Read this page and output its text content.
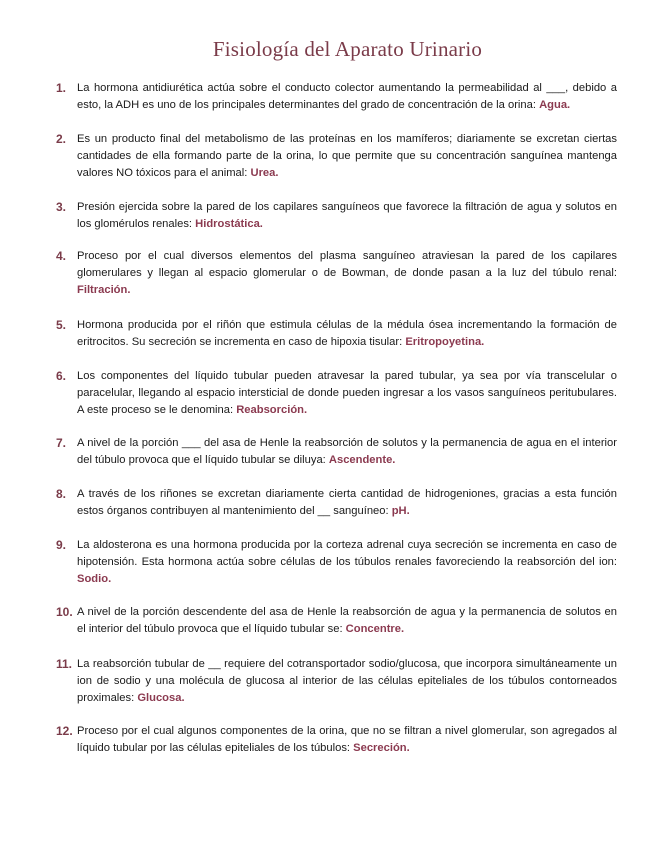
Fisiología del Aparato Urinario
1. La hormona antidiurética actúa sobre el conducto colector aumentando la permeabilidad al ___, debido a esto, la ADH es uno de los principales determinantes del grado de concentración de la orina: Agua.
2. Es un producto final del metabolismo de las proteínas en los mamíferos; diariamente se excretan ciertas cantidades de ella formando parte de la orina, lo que permite que su concentración sanguínea mantenga valores NO tóxicos para el animal: Urea.
3. Presión ejercida sobre la pared de los capilares sanguíneos que favorece la filtración de agua y solutos en los glomérulos renales: Hidrostática.
4. Proceso por el cual diversos elementos del plasma sanguíneo atraviesan la pared de los capilares glomerulares y llegan al espacio glomerular o de Bowman, de donde pasan a la luz del túbulo renal: Filtración.
5. Hormona producida por el riñón que estimula células de la médula ósea incrementando la formación de eritrocitos. Su secreción se incrementa en caso de hipoxia tisular: Eritropoyetina.
6. Los componentes del líquido tubular pueden atravesar la pared tubular, ya sea por vía transcelular o paracelular, llegando al espacio intersticial de donde pueden ingresar a los vasos sanguíneos peritubulares. A este proceso se le denomina: Reabsorción.
7. A nivel de la porción ___ del asa de Henle la reabsorción de solutos y la permanencia de agua en el interior del túbulo provoca que el líquido tubular se diluya: Ascendente.
8. A través de los riñones se excretan diariamente cierta cantidad de hidrogeniones, gracias a esta función estos órganos contribuyen al mantenimiento del __ sanguíneo: pH.
9. La aldosterona es una hormona producida por la corteza adrenal cuya secreción se incrementa en caso de hipotensión. Esta hormona actúa sobre células de los túbulos renales favoreciendo la reabsorción del ion: Sodio.
10. A nivel de la porción descendente del asa de Henle la reabsorción de agua y la permanencia de solutos en el interior del túbulo provoca que el líquido tubular se: Concentre.
11. La reabsorción tubular de __ requiere del cotransportador sodio/glucosa, que incorpora simultáneamente un ion de sodio y una molécula de glucosa al interior de las células epiteliales de los túbulos contorneados proximales: Glucosa.
12. Proceso por el cual algunos componentes de la orina, que no se filtran a nivel glomerular, son agregados al líquido tubular por las células epiteliales de los túbulos: Secreción.
